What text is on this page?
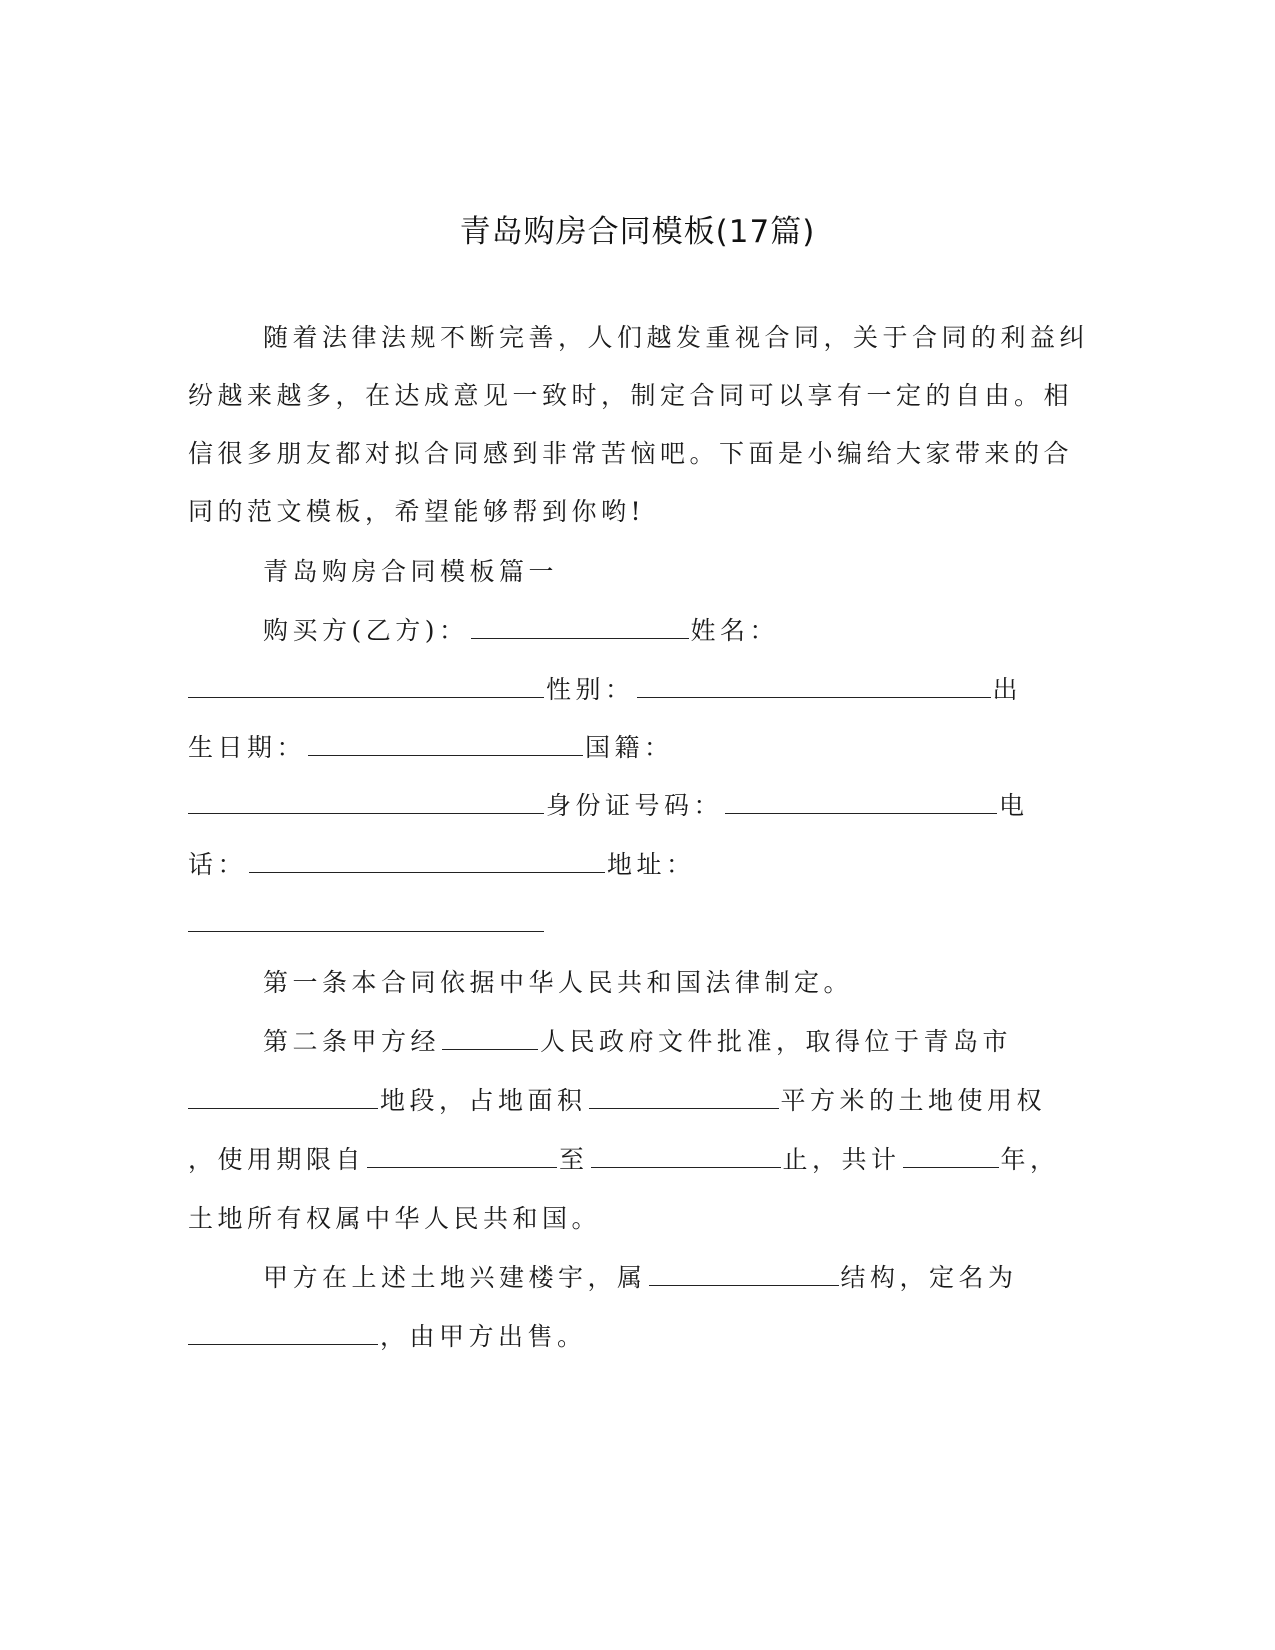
青岛购房合同模板(17篇)
随着法律法规不断完善，人们越发重视合同，关于合同的利益纠
纷越来越多，在达成意见一致时，制定合同可以享有一定的自由。相
信很多朋友都对拟合同感到非常苦恼吧。下面是小编给大家带来的合
同的范文模板，希望能够帮到你哟!
青岛购房合同模板篇一
购买方(乙方)：	姓名：
性别：	出
生日期：	国籍：
身份证号码：	电
话：	地址：
第一条本合同依据中华人民共和国法律制定。
第二条甲方经	人民政府文件批准，取得位于青岛市
地段，占地面积	平方米的土地使用权
，使用期限自	至	止，共计	年，
土地所有权属中华人民共和国。
甲方在上述土地兴建楼宇，属	结构，定名为
，由甲方出售。
